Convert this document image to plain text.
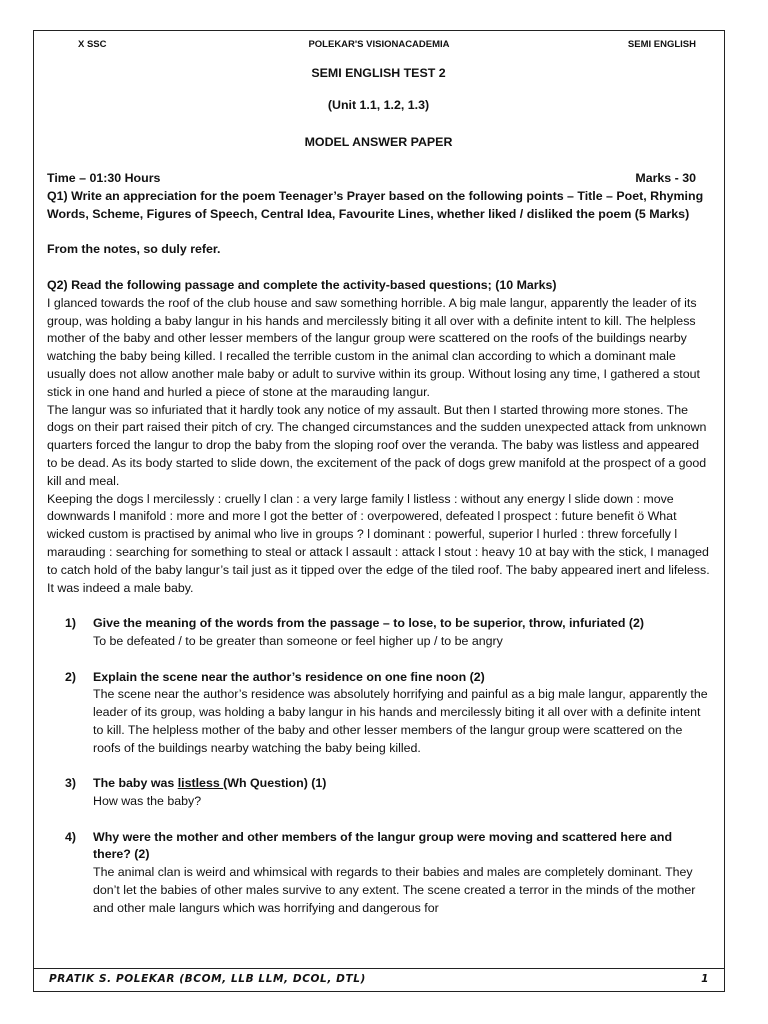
X SSC	POLEKAR'S VISIONACADEMIA	SEMI ENGLISH

SEMI ENGLISH TEST 2

(Unit 1.1, 1.2, 1.3)

MODEL ANSWER PAPER

Time – 01:30 Hours	Marks - 30

Q1) Write an appreciation for the poem Teenager’s Prayer based on the following points – Title – Poet, Rhyming Words, Scheme, Figures of Speech, Central Idea, Favourite Lines, whether liked / disliked the poem (5 Marks)

From the notes, so duly refer.

Q2) Read the following passage and complete the activity-based questions; (10 Marks)

I glanced towards the roof of the club house and saw something horrible. A big male langur, apparently the leader of its group, was holding a baby langur in his hands and mercilessly biting it all over with a definite intent to kill. The helpless mother of the baby and other lesser members of the langur group were scattered on the roofs of the buildings nearby watching the baby being killed. I recalled the terrible custom in the animal clan according to which a dominant male usually does not allow another male baby or adult to survive within its group. Without losing any time, I gathered a stout stick in one hand and hurled a piece of stone at the marauding langur.

The langur was so infuriated that it hardly took any notice of my assault. But then I started throwing more stones. The dogs on their part raised their pitch of cry. The changed circumstances and the sudden unexpected attack from unknown quarters forced the langur to drop the baby from the sloping roof over the veranda. The baby was listless and appeared to be dead. As its body started to slide down, the excitement of the pack of dogs grew manifold at the prospect of a good kill and meal.

Keeping the dogs l mercilessly : cruelly l clan : a very large family l listless : without any energy l slide down : move downwards l manifold : more and more l got the better of : overpowered, defeated l prospect : future benefit ö What wicked custom is practised by animal who live in groups ? l dominant : powerful, superior l hurled : threw forcefully l marauding : searching for something to steal or attack l assault : attack l stout : heavy 10 at bay with the stick, I managed to catch hold of the baby langur’s tail just as it tipped over the edge of the tiled roof. The baby appeared inert and lifeless. It was indeed a male baby.

1)	Give the meaning of the words from the passage – to lose, to be superior, throw, infuriated (2)

To be defeated / to be greater than someone or feel higher up / to be angry

2)	Explain the scene near the author’s residence on one fine noon (2)

The scene near the author’s residence was absolutely horrifying and painful as a big male langur, apparently the leader of its group, was holding a baby langur in his hands and mercilessly biting it all over with a definite intent to kill. The helpless mother of the baby and other lesser members of the langur group were scattered on the roofs of the buildings nearby watching the baby being killed.

3)	The baby was listless (Wh Question) (1)

How was the baby?

4)	Why were the mother and other members of the langur group were moving and scattered here and there? (2)

The animal clan is weird and whimsical with regards to their babies and males are completely dominant. They don’t let the babies of other males survive to any extent. The scene created a terror in the minds of the mother and other male langurs which was horrifying and dangerous for

PRATIK S. POLEKAR (BCOM, LLB LLM, DCOL, DTL)	1
